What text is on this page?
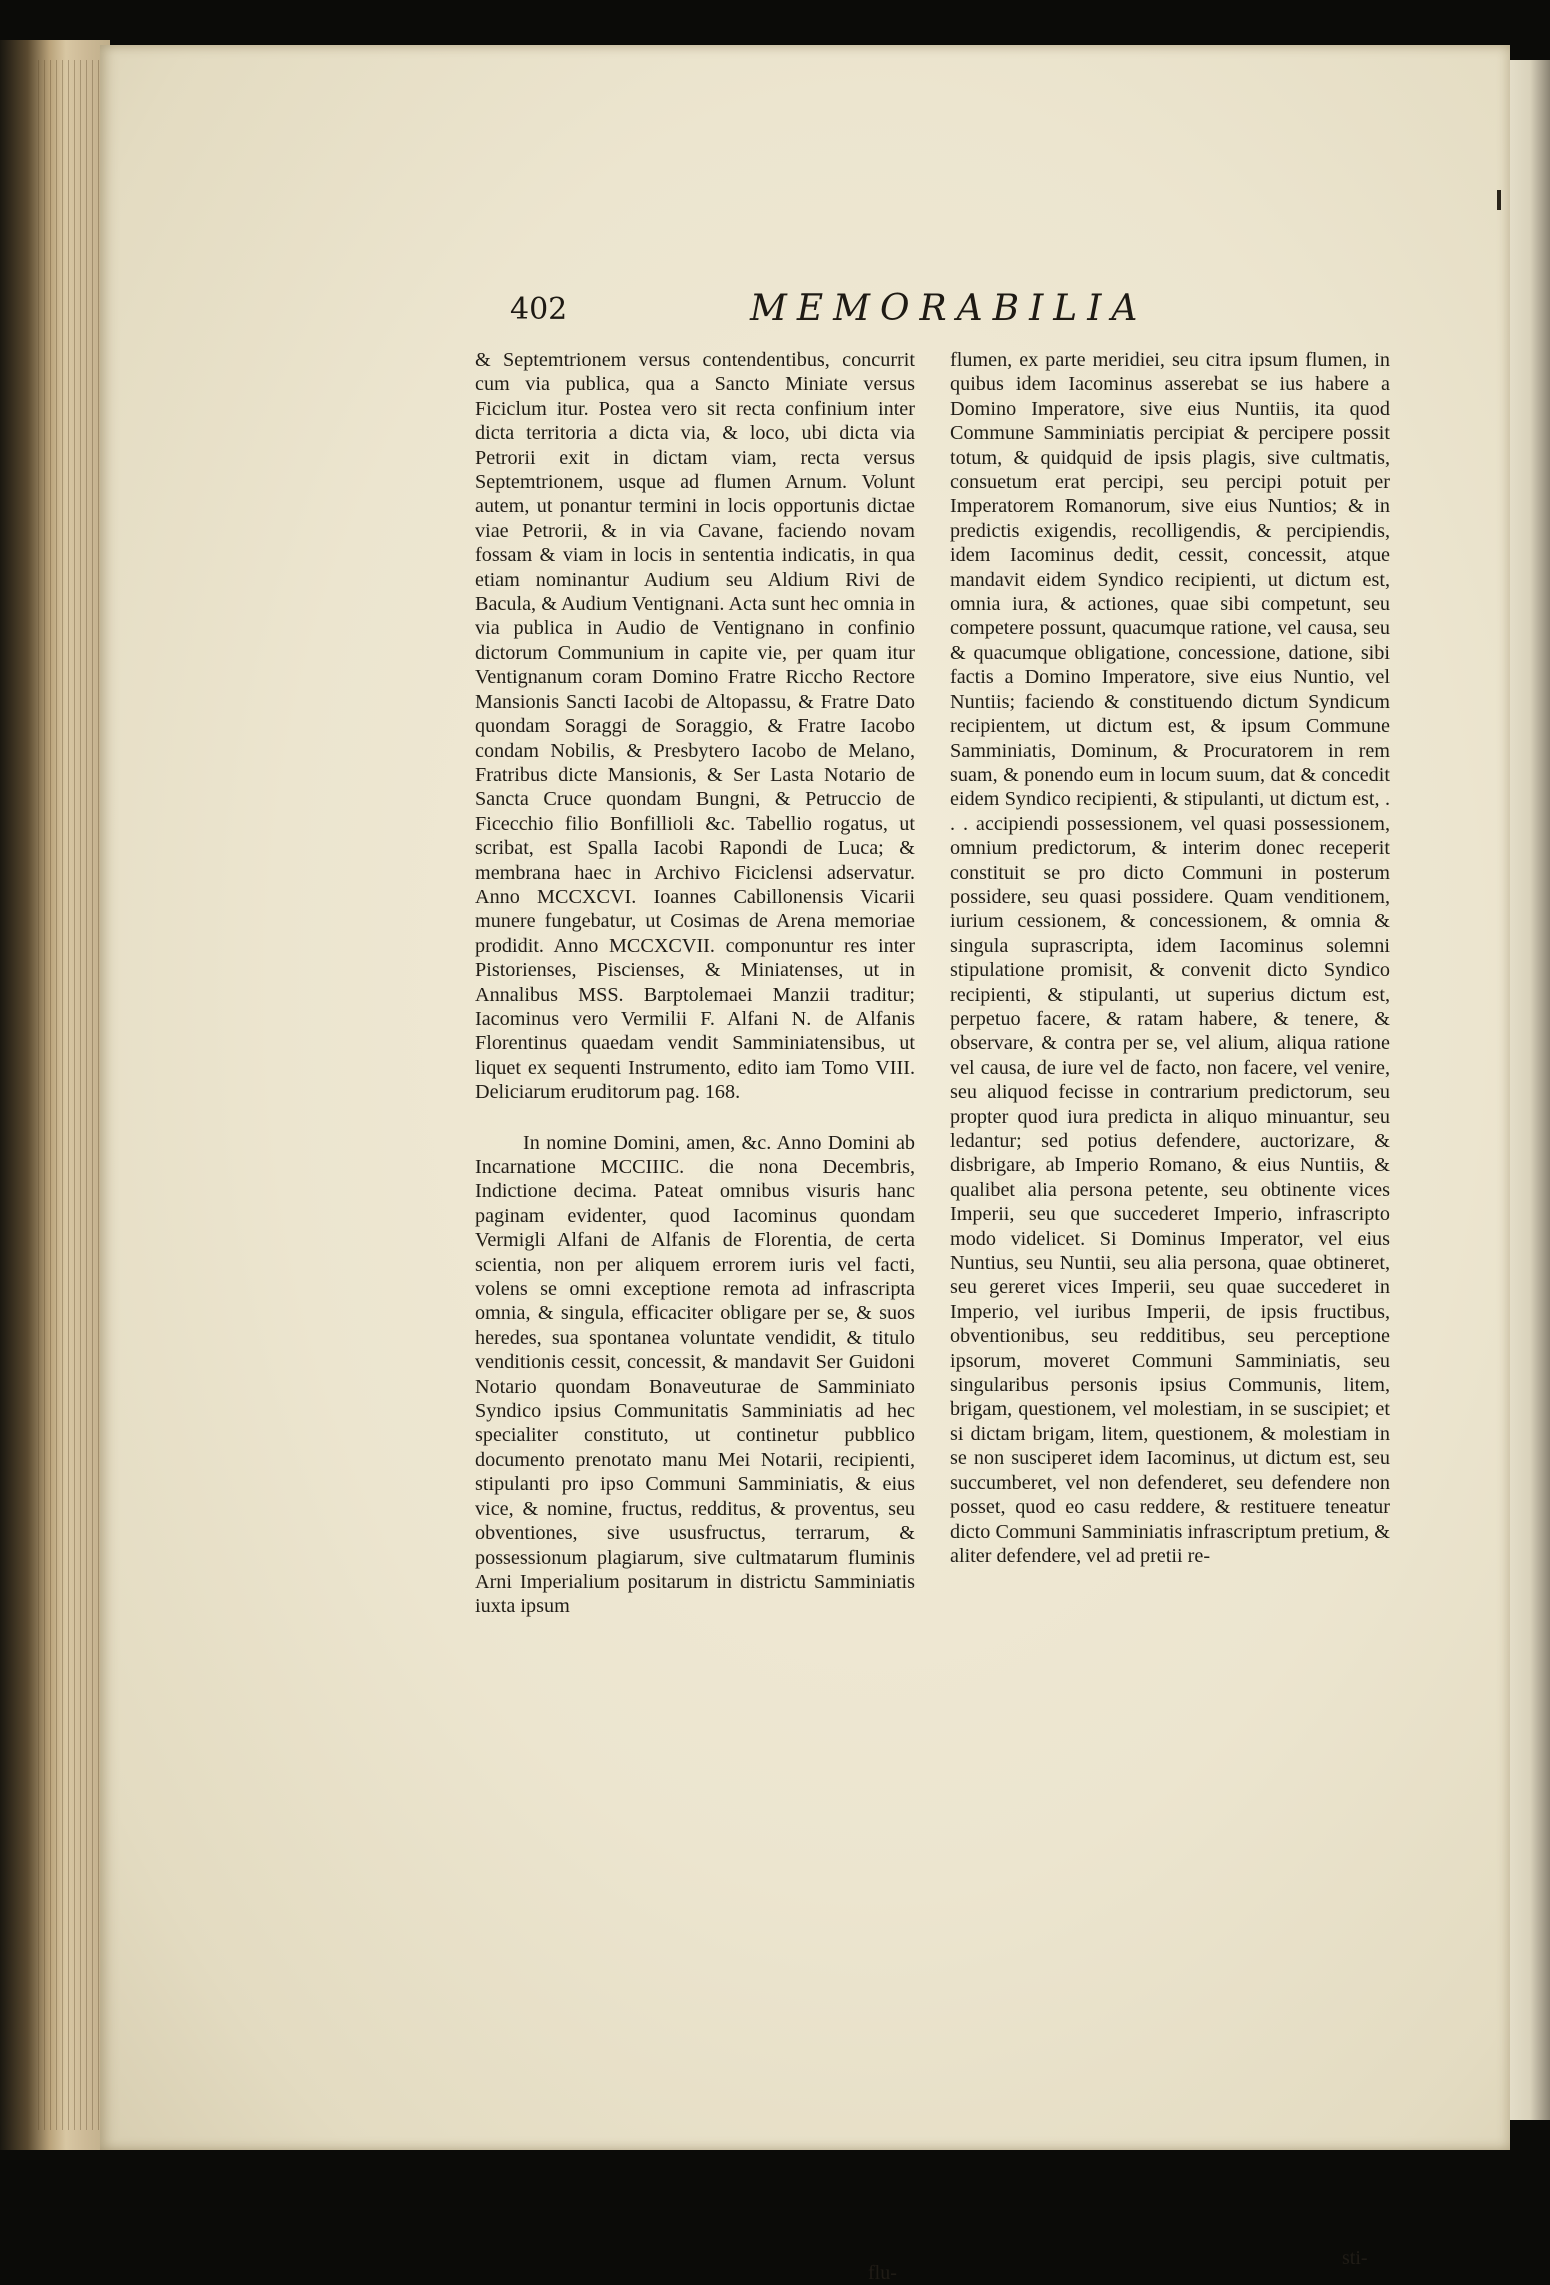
402	MEMORABILIA

& Septemtrionem versus contendentibus, concurrit cum via publica, qua a Sancto Miniate versus Ficiclum itur. Postea vero sit recta confinium inter dicta territoria a dicta via, & loco, ubi dicta via Petrorii exit in dictam viam, recta versus Septemtrionem, usque ad flumen Arnum. Volunt autem, ut ponantur termini in locis opportunis dictae viae Petrorii, & in via Cavane, faciendo novam fossam & viam in locis in sententia indicatis, in qua etiam nominantur Audium seu Aldium Rivi de Bacula, & Audium Ventignani. Acta sunt hec omnia in via publica in Audio de Ventignano in confinio dictorum Communium in capite vie, per quam itur Ventignanum coram Domino Fratre Riccho Rectore Mansionis Sancti Iacobi de Altopassu, & Fratre Dato quondam Soraggi de Soraggio, & Fratre Iacobo condam Nobilis, & Presbytero Iacobo de Melano, Fratribus dicte Mansionis, & Ser Lasta Notario de Sancta Cruce quondam Bungni, & Petruccio de Ficecchio filio Bonfillioli &c. Tabellio rogatus, ut scribat, est Spalla Iacobi Rapondi de Luca; & membrana haec in Archivo Ficiclensi adservatur. Anno MCCXCVI. Ioannes Cabillonensis Vicarii munere fungebatur, ut Cosimas de Arena memoriae prodidit. Anno MCCXCVII. componuntur res inter Pistorienses, Piscienses, & Miniatenses, ut in Annalibus MSS. Barptolemaei Manzii traditur; Iacominus vero Vermilii F. Alfani N. de Alfanis Florentinus quaedam vendit Samminiatensibus, ut liquet ex sequenti Instrumento, edito iam Tomo VIII. Deliciarum eruditorum pag. 168.

In nomine Domini, amen, &c. Anno Domini ab Incarnatione MCCIIIC. die nona Decembris, Indictione decima. Pateat omnibus visuris hanc paginam evidenter, quod Iacominus quondam Vermigli Alfani de Alfanis de Florentia, de certa scientia, non per aliquem errorem iuris vel facti, volens se omni exceptione remota ad infrascripta omnia, & singula, efficaciter obligare per se, & suos heredes, sua spontanea voluntate vendidit, & titulo venditionis cessit, concessit, & mandavit Ser Guidoni Notario quondam Bonaveuturae de Samminiato Syndico ipsius Communitatis Samminiatis ad hec specialiter constituto, ut continetur pubblico documento prenotato manu Mei Notarii, recipienti, stipulanti pro ipso Communi Samminiatis, & eius vice, & nomine, fructus, redditus, & proventus, seu obventiones, sive ususfructus, terrarum, & possessionum plagiarum, sive cultmatarum fluminis Arni Imperialium positarum in districtu Samminiatis iuxta ipsum

flu-

flumen, ex parte meridiei, seu citra ipsum flumen, in quibus idem Iacominus asserebat se ius habere a Domino Imperatore, sive eius Nuntiis, ita quod Commune Samminiatis percipiat & percipere possit totum, & quidquid de ipsis plagis, sive cultmatis, consuetum erat percipi, seu percipi potuit per Imperatorem Romanorum, sive eius Nuntios; & in predictis exigendis, recolligendis, & percipiendis, idem Iacominus dedit, cessit, concessit, atque mandavit eidem Syndico recipienti, ut dictum est, omnia iura, & actiones, quae sibi competunt, seu competere possunt, quacumque ratione, vel causa, seu & quacumque obligatione, concessione, datione, sibi factis a Domino Imperatore, sive eius Nuntio, vel Nuntiis; faciendo & constituendo dictum Syndicum recipientem, ut dictum est, & ipsum Commune Samminiatis, Dominum, & Procuratorem in rem suam, & ponendo eum in locum suum, dat & concedit eidem Syndico recipienti, & stipulanti, ut dictum est, . . . accipiendi possessionem, vel quasi possessionem, omnium predictorum, & interim donec receperit constituit se pro dicto Communi in posterum possidere, seu quasi possidere. Quam venditionem, iurium cessionem, & concessionem, & omnia & singula suprascripta, idem Iacominus solemni stipulatione promisit, & convenit dicto Syndico recipienti, & stipulanti, ut superius dictum est, perpetuo facere, & ratam habere, & tenere, & observare, & contra per se, vel alium, aliqua ratione vel causa, de iure vel de facto, non facere, vel venire, seu aliquod fecisse in contrarium predictorum, seu propter quod iura predicta in aliquo minuantur, seu ledantur; sed potius defendere, auctorizare, & disbrigare, ab Imperio Romano, & eius Nuntiis, & qualibet alia persona petente, seu obtinente vices Imperii, seu que succederet Imperio, infrascripto modo videlicet. Si Dominus Imperator, vel eius Nuntius, seu Nuntii, seu alia persona, quae obtineret, seu gereret vices Imperii, seu quae succederet in Imperio, vel iuribus Imperii, de ipsis fructibus, obventionibus, seu redditibus, seu perceptione ipsorum, moveret Communi Samminiatis, seu singularibus personis ipsius Communis, litem, brigam, questionem, vel molestiam, in se suscipiet; et si dictam brigam, litem, questionem, & molestiam in se non susciperet idem Iacominus, ut dictum est, seu succumberet, vel non defenderet, seu defendere non posset, quod eo casu reddere, & restituere teneatur dicto Communi Samminiatis infrascriptum pretium, & aliter defendere, vel ad pretii re-

sti-
